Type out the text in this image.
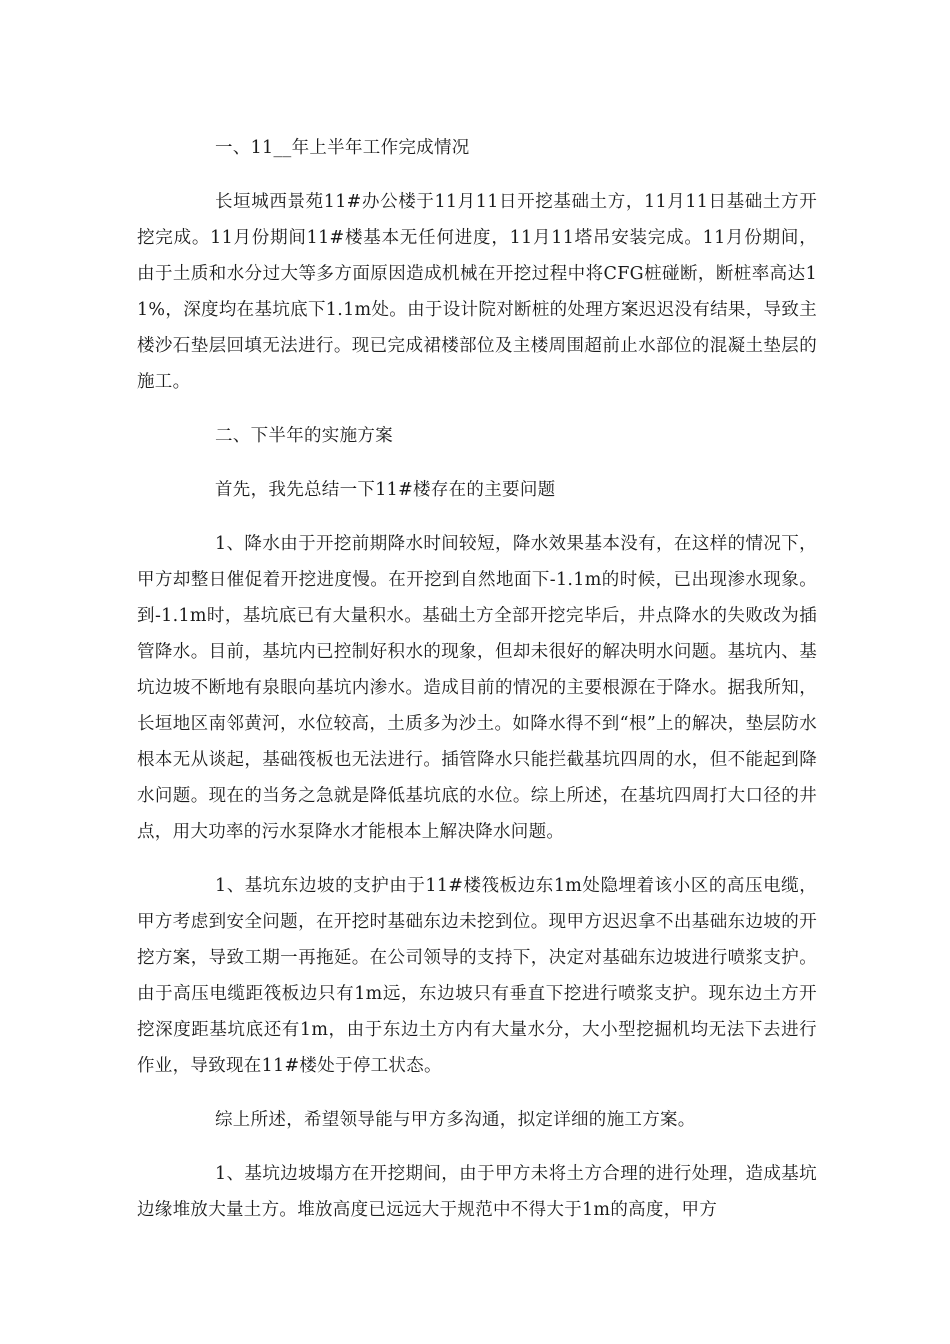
一、11__年上半年工作完成情况

长垣城西景苑11#办公楼于11月11日开挖基础土方，11月11日基础土方开挖完成。11月份期间11#楼基本无任何进度，11月11塔吊安装完成。11月份期间，由于土质和水分过大等多方面原因造成机械在开挖过程中将CFG桩碰断，断桩率高达11%，深度均在基坑底下1.1m处。由于设计院对断桩的处理方案迟迟没有结果，导致主楼沙石垫层回填无法进行。现已完成裙楼部位及主楼周围超前止水部位的混凝土垫层的施工。

二、下半年的实施方案

首先，我先总结一下11#楼存在的主要问题

1、降水由于开挖前期降水时间较短，降水效果基本没有，在这样的情况下，甲方却整日催促着开挖进度慢。在开挖到自然地面下-1.1m的时候，已出现渗水现象。到-1.1m时，基坑底已有大量积水。基础土方全部开挖完毕后，井点降水的失败改为插管降水。目前，基坑内已控制好积水的现象，但却未很好的解决明水问题。基坑内、基坑边坡不断地有泉眼向基坑内渗水。造成目前的情况的主要根源在于降水。据我所知，长垣地区南邻黄河，水位较高，土质多为沙土。如降水得不到“根”上的解决，垫层防水根本无从谈起，基础筏板也无法进行。插管降水只能拦截基坑四周的水，但不能起到降水问题。现在的当务之急就是降低基坑底的水位。综上所述，在基坑四周打大口径的井点，用大功率的污水泵降水才能根本上解决降水问题。

1、基坑东边坡的支护由于11#楼筏板边东1m处隐埋着该小区的高压电缆，甲方考虑到安全问题，在开挖时基础东边未挖到位。现甲方迟迟拿不出基础东边坡的开挖方案，导致工期一再拖延。在公司领导的支持下，决定对基础东边坡进行喷浆支护。由于高压电缆距筏板边只有1m远，东边坡只有垂直下挖进行喷浆支护。现东边土方开挖深度距基坑底还有1m，由于东边土方内有大量水分，大小型挖掘机均无法下去进行作业，导致现在11#楼处于停工状态。

综上所述，希望领导能与甲方多沟通，拟定详细的施工方案。

1、基坑边坡塌方在开挖期间，由于甲方未将土方合理的进行处理，造成基坑边缘堆放大量土方。堆放高度已远远大于规范中不得大于1m的高度，甲方
